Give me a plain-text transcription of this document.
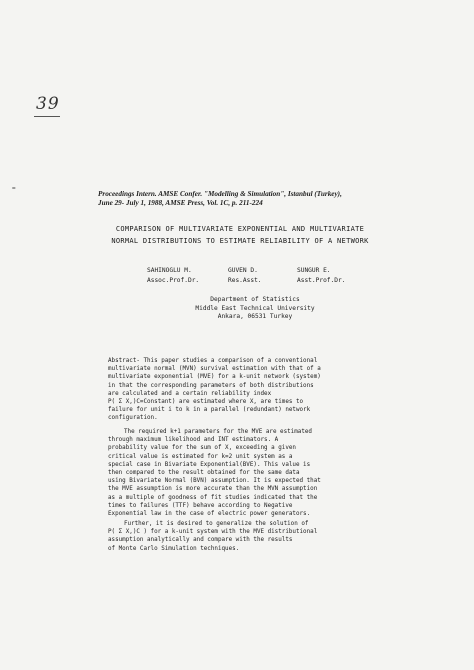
39
=
Proceedings Intern. AMSE Confer. "Modelling & Simulation", Istanbul (Turkey),
June 29- July 1, 1988, AMSE Press, Vol. 1C, p. 211-224
COMPARISON OF MULTIVARIATE EXPONENTIAL AND MULTIVARIATE
NORMAL DISTRIBUTIONS TO ESTIMATE RELIABILITY OF A NETWORK
SAHINOGLU M.
Assoc.Prof.Dr.
GUVEN D.
Res.Asst.
SUNGUR E.
Asst.Prof.Dr.
Department of Statistics
Middle East Technical University
Ankara, 06531 Turkey
Abstract- This paper studies a comparison of a conventional
multivariate normal (MVN) survival estimation with that of a
multivariate exponential (MVE) for a k-unit network (system)
in that the corresponding parameters of both distributions
are calculated and a certain reliability index
P( Σ X,)C=Constant) are estimated where X, are times to
failure for unit i to k in a parallel (redundant) network
configuration.
The required k+1 parameters for the MVE are estimated
through maximum likelihood and INT estimators. A
probability value for the sum of X, exceeding a given
critical value is estimated for k=2 unit system as a
special case in Bivariate Exponential(BVE). This value is
then compared to the result obtained for the same data
using Bivariate Normal (BVN) assumption. It is expected that
the MVE assumption is more accurate than the MVN assumption
as a multiple of goodness of fit studies indicated that the
times to failures (TTF) behave according to Negative
Exponential law in the case of electric power generators.
Further, it is desired to generalize the solution of
P( Σ X,)C ) for a k-unit system with the MVE distributional
assumption analytically and compare with the results
of Monte Carlo Simulation techniques.
